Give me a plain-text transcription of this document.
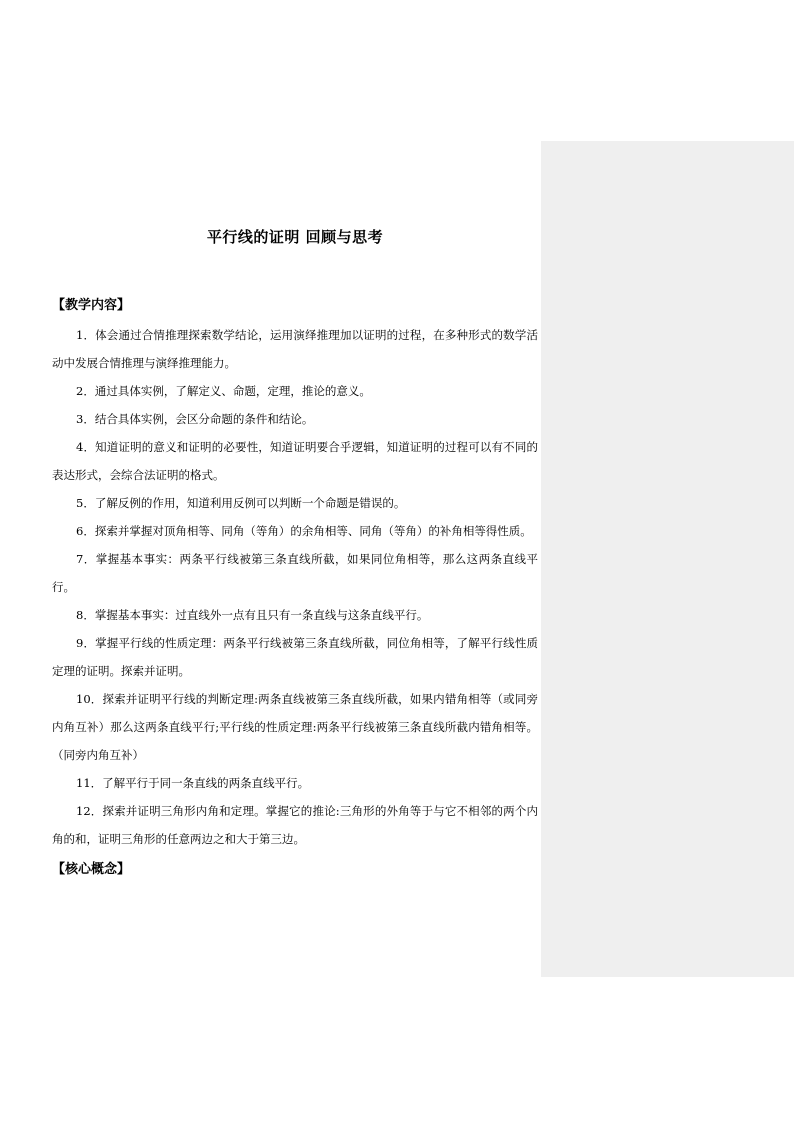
平行线的证明 回顾与思考
【教学内容】
1．体会通过合情推理探索数学结论，运用演绎推理加以证明的过程，在多种形式的数学活动中发展合情推理与演绎推理能力。
2．通过具体实例，了解定义、命题，定理，推论的意义。
3．结合具体实例，会区分命题的条件和结论。
4．知道证明的意义和证明的必要性，知道证明要合乎逻辑，知道证明的过程可以有不同的表达形式，会综合法证明的格式。
5．了解反例的作用，知道利用反例可以判断一个命题是错误的。
6．探索并掌握对顶角相等、同角（等角）的余角相等、同角（等角）的补角相等得性质。
7．掌握基本事实：两条平行线被第三条直线所截，如果同位角相等，那么这两条直线平行。
8．掌握基本事实：过直线外一点有且只有一条直线与这条直线平行。
9．掌握平行线的性质定理：两条平行线被第三条直线所截，同位角相等，了解平行线性质定理的证明。探索并证明。
10．探索并证明平行线的判断定理:两条直线被第三条直线所截，如果内错角相等（或同旁内角互补）那么这两条直线平行;平行线的性质定理:两条平行线被第三条直线所截内错角相等。（同旁内角互补）
11．了解平行于同一条直线的两条直线平行。
12．探索并证明三角形内角和定理。掌握它的推论:三角形的外角等于与它不相邻的两个内角的和，证明三角形的任意两边之和大于第三边。
【核心概念】
